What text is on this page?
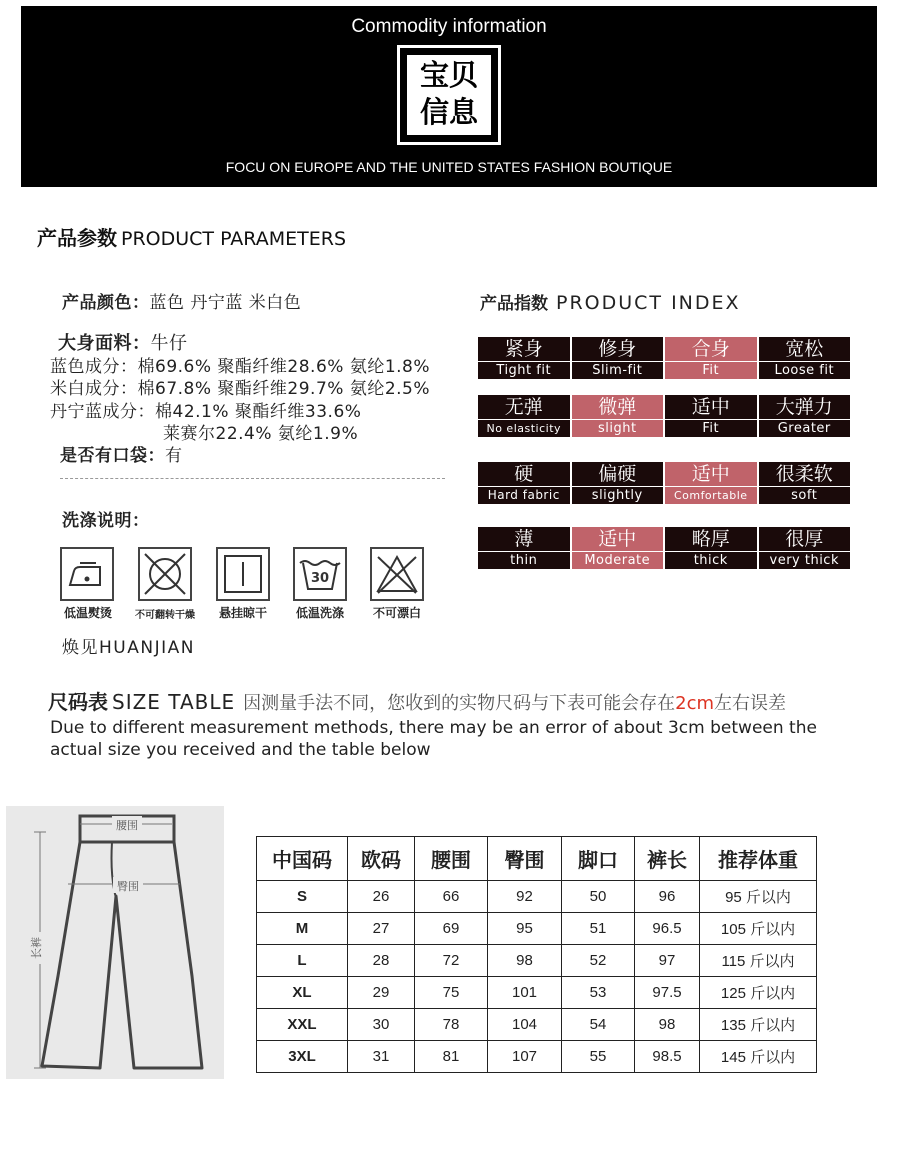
Commodity information
宝贝
信息
FOCU ON EUROPE AND THE UNITED STATES FASHION BOUTIQUE
产品参数 PRODUCT PARAMETERS
产品颜色：蓝色 丹宁蓝 米白色
大身面料：牛仔
蓝色成分：棉69.6% 聚酯纤维28.6% 氨纶1.8%
米白成分：棉67.8% 聚酯纤维29.7% 氨纶2.5%
丹宁蓝成分：棉42.1% 聚酯纤维33.6%
莱赛尔22.4% 氨纶1.9%
是否有口袋：有
洗涤说明：
30
低温熨烫	不可翻转干燥	悬挂晾干	低温洗涤	不可漂白
焕见HUANJIAN
产品指数 PRODUCT INDEX
紧身
Tight fit
修身
Slim-fit
合身
Fit
宽松
Loose fit
无弹
No elasticity
微弹
slight
适中
Fit
大弹力
Greater
硬
Hard fabric
偏硬
slightly
适中
Comfortable
很柔软
soft
薄
thin
适中
Moderate
略厚
thick
很厚
very thick
尺码表 SIZE TABLE 因测量手法不同，您收到的实物尺码与下表可能会存在2cm左右误差
Due to different measurement methods, there may be an error of about 3cm between the actual size you received and the table below
腰围
臀围
长裤
中国码	欧码	腰围	臀围	脚口	裤长	推荐体重
S	26	66	92	50	96	95 斤以内
M	27	69	95	51	96.5	105 斤以内
L	28	72	98	52	97	115 斤以内
XL	29	75	101	53	97.5	125 斤以内
XXL	30	78	104	54	98	135 斤以内
3XL	31	81	107	55	98.5	145 斤以内
